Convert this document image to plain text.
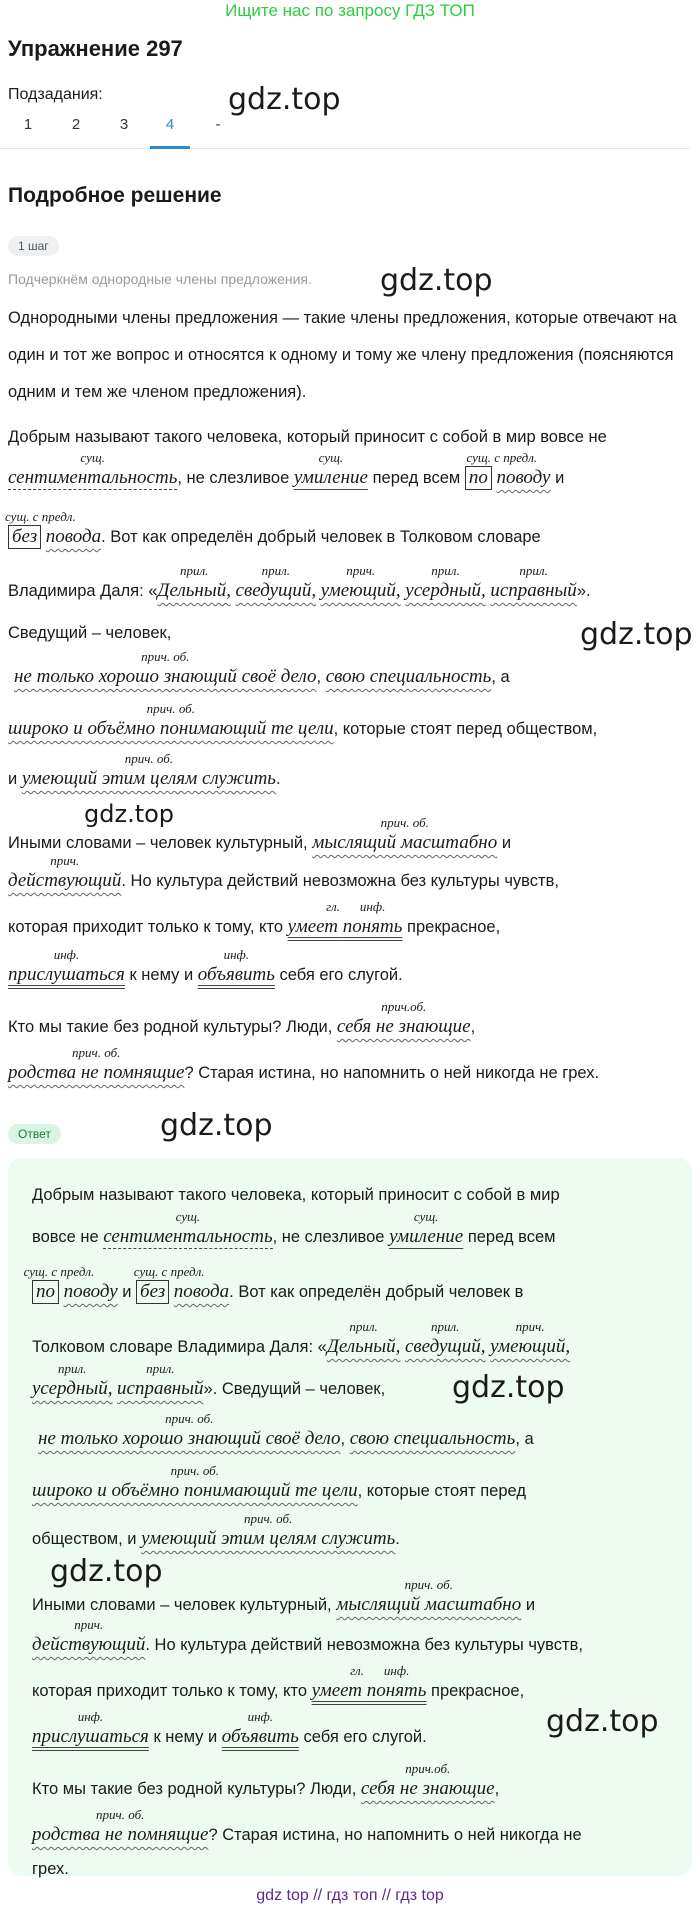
Ищите нас по запросу ГДЗ ТОП
Упражнение 297
Подзадания:	gdz.top
1	2	3	4	-
Подробное решение
1 шаг
Подчеркнём однородные члены предложения. gdz.top
Однородными члены предложения — такие члены предложения, которые отвечают на один и тот же вопрос и относятся к одному и тому же члену предложения (поясняются одним и тем же членом предложения).
Добрым называют такого человека, который приносит с собой в мир вовсе не
сущ.
сентиментальность, не слезливое
сущ.
умиление перед всем по
сущ. с предл.
поводу и
сущ. с предл.
без повода. Вот как определён добрый человек в Толковом словаре
Владимира Даля: «
прил.
Дельный,
прил.
сведущий,
прич.
умеющий,
прил.
усердный,
прил.
исправный».
Сведущий – человек,	gdz.top
прич. об.
не только хорошо знающий своё дело, свою специальность, а
прич. об.
широко и объёмно понимающий те цели, которые стоят перед обществом,
и
прич. об.
умеющий этим целям служить.
gdz.top
Иными словами – человек культурный,
прич. об.
мыслящий масштабно и
прич.
действующий. Но культура действий невозможна без культуры чувств,
которая приходит только к тому, кто
гл.
умеет
инф.
понять прекрасное,
инф.
прислушаться к нему и
инф.
объявить себя его слугой.
Кто мы такие без родной культуры? Люди,
прич.об.
себя не знающие,
прич. об.
родства не помнящие? Старая истина, но напомнить о ней никогда не грех.
Ответ	gdz.top
Добрым называют такого человека, который приносит с собой в мир
вовсе не
сущ.
сентиментальность, не слезливое
сущ.
умиление перед всем
по
сущ. с предл.
поводу и без
сущ. с предл.
повода. Вот как определён добрый человек в
Толковом словаре Владимира Даля: «
прил.
Дельный,
прил.
сведущий,
прич.
умеющий,
прил.
усердный,
прил.
исправный». Сведущий – человек, gdz.top
прич. об.
не только хорошо знающий своё дело, свою специальность, а
прич. об.
широко и объёмно понимающий те цели, которые стоят перед
обществом, и
прич. об.
умеющий этим целям служить.
gdz.top
Иными словами – человек культурный,
прич. об.
мыслящий масштабно и
прич.
действующий. Но культура действий невозможна без культуры чувств,
которая приходит только к тому, кто
гл.
умеет
инф.
понять прекрасное,
инф.
прислушаться к нему и
инф.
объявить себя его слугой.	gdz.top
Кто мы такие без родной культуры? Люди,
прич.об.
себя не знающие,
прич. об.
родства не помнящие? Старая истина, но напомнить о ней никогда не
грех.
gdz top // гдз топ // гдз top
